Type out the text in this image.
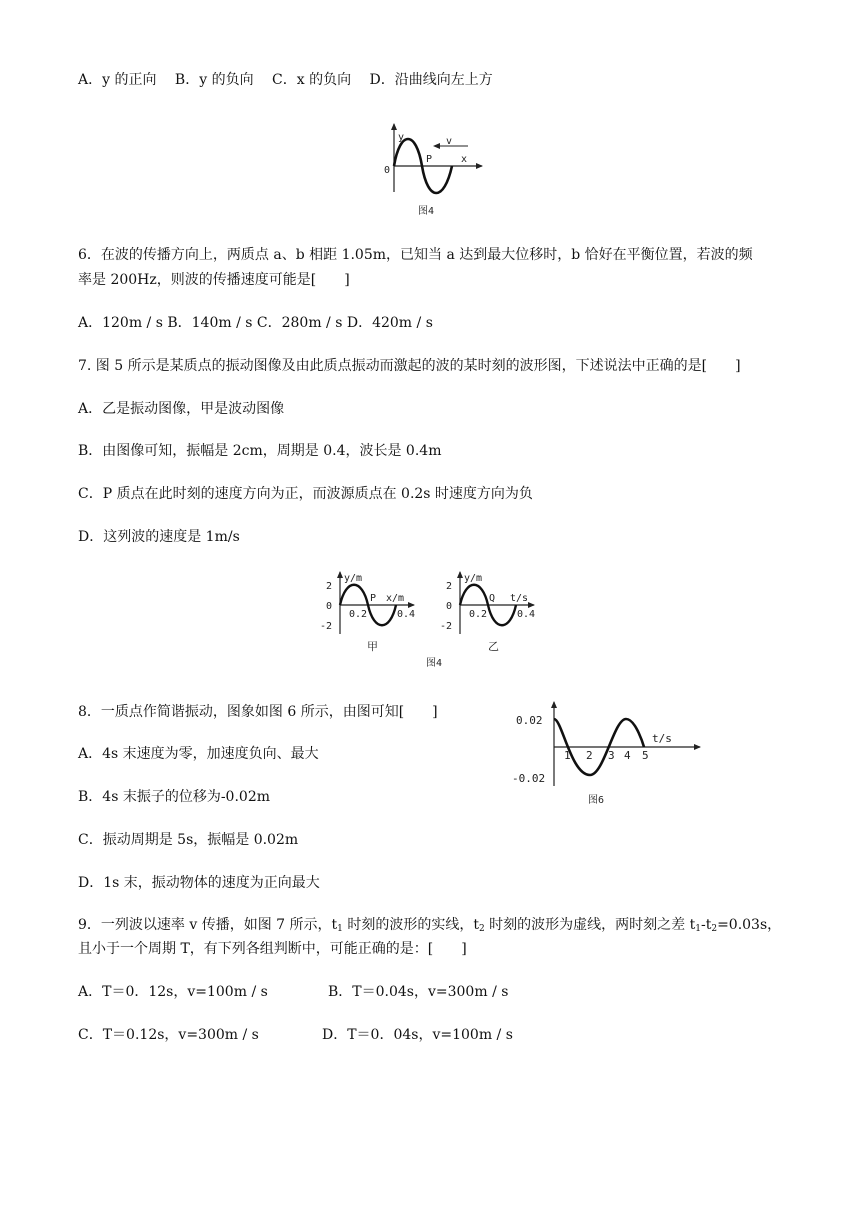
A．y 的正向　 B．y 的负向　 C．x 的负向　 D．沿曲线向左上方
y	v
0
P	x
图4
6．在波的传播方向上，两质点 a、b 相距 1.05m，已知当 a 达到最大位移时，b 恰好在平衡位置，若波的频
率是 200Hz，则波的传播速度可能是[　　]
A．120m / s B．140m / s C．280m / s D．420m / s
7. 图 5 所示是某质点的振动图像及由此质点振动而激起的波的某时刻的波形图，下述说法中正确的是[　　]
A．乙是振动图像，甲是波动图像
B．由图像可知，振幅是 2cm，周期是 0.4，波长是 0.4m
C．P 质点在此时刻的速度方向为正，而波源质点在 0.2s 时速度方向为负
D．这列波的速度是 1m/s
y/m
x/m
2
0
-2
P
0.2	0.4
甲
y/m
t/s
2
0
-2
Q
0.2	0.4
乙
图4
8．一质点作简谐振动，图象如图 6 所示，由图可知[　　]
A．4s 末速度为零，加速度负向、最大
B．4s 末振子的位移为-0.02m
C．振动周期是 5s，振幅是 0.02m
D．1s 末，振动物体的速度为正向最大
0.02
-0.02
t/s
1 2 3 4 5
图6
9．一列波以速率 v 传播，如图 7 所示，$t_1$ 时刻的波形的实线，$t_2$ 时刻的波形为虚线，两时刻之差 $t_1-t_2=0.03s$，
且小于一个周期 T，有下列各组判断中，可能正确的是：[　　]
A．T＝0．12s，v=100m / s	B．T＝0.04s，v=300m / s
C．T＝0.12s，v=300m / s	D．T＝0．04s，v=100m / s
